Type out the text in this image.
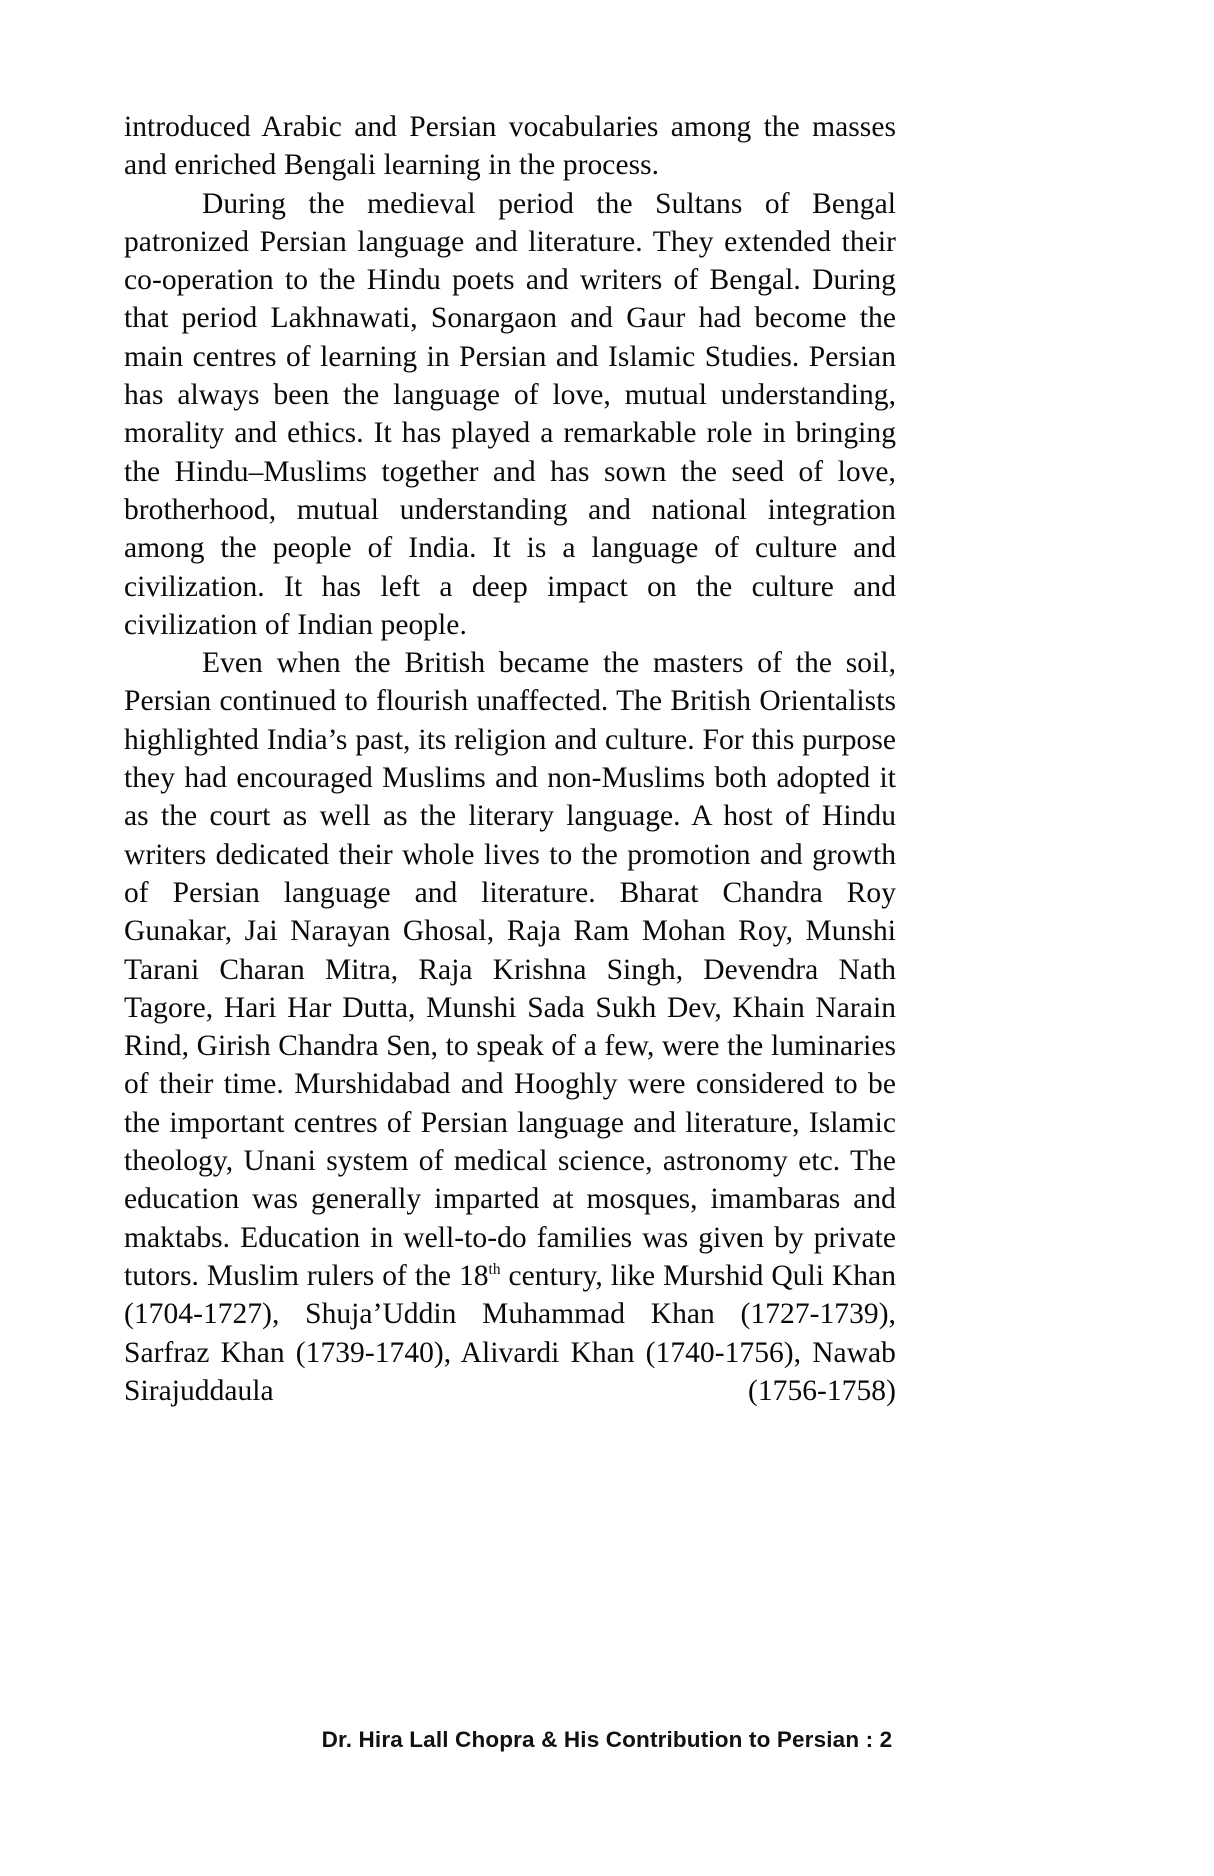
introduced Arabic and Persian vocabularies among the masses and enriched Bengali learning in the process.

During the medieval period the Sultans of Bengal patronized Persian language and literature. They extended their co-operation to the Hindu poets and writers of Bengal. During that period Lakhnawati, Sonargaon and Gaur had become the main centres of learning in Persian and Islamic Studies. Persian has always been the language of love, mutual understanding, morality and ethics. It has played a remarkable role in bringing the Hindu–Muslims together and has sown the seed of love, brotherhood, mutual understanding and national integration among the people of India. It is a language of culture and civilization. It has left a deep impact on the culture and civilization of Indian people.

Even when the British became the masters of the soil, Persian continued to flourish unaffected. The British Orientalists highlighted India’s past, its religion and culture. For this purpose they had encouraged Muslims and non-Muslims both adopted it as the court as well as the literary language. A host of Hindu writers dedicated their whole lives to the promotion and growth of Persian language and literature. Bharat Chandra Roy Gunakar, Jai Narayan Ghosal, Raja Ram Mohan Roy, Munshi Tarani Charan Mitra, Raja Krishna Singh, Devendra Nath Tagore, Hari Har Dutta, Munshi Sada Sukh Dev, Khain Narain Rind, Girish Chandra Sen, to speak of a few, were the luminaries of their time. Murshidabad and Hooghly were considered to be the important centres of Persian language and literature, Islamic theology, Unani system of medical science, astronomy etc. The education was generally imparted at mosques, imambaras and maktabs. Education in well-to-do families was given by private tutors. Muslim rulers of the 18th century, like Murshid Quli Khan (1704-1727), Shuja’Uddin Muhammad Khan (1727-1739), Sarfraz Khan (1739-1740), Alivardi Khan (1740-1756), Nawab Sirajuddaula (1756-1758)

Dr. Hira Lall Chopra & His Contribution to Persian : 2
